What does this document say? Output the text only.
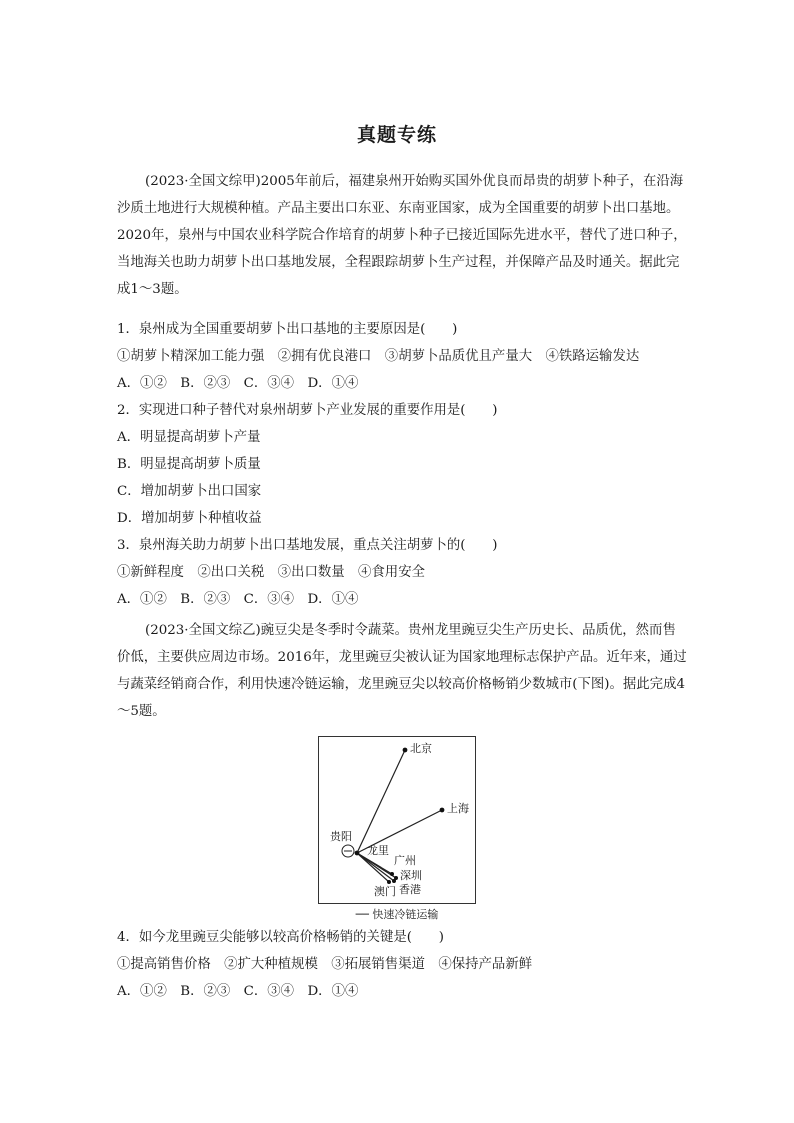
真题专练
(2023·全国文综甲)2005年前后，福建泉州开始购买国外优良而昂贵的胡萝卜种子，在沿海沙质土地进行大规模种植。产品主要出口东亚、东南亚国家，成为全国重要的胡萝卜出口基地。2020年，泉州与中国农业科学院合作培育的胡萝卜种子已接近国际先进水平，替代了进口种子，当地海关也助力胡萝卜出口基地发展，全程跟踪胡萝卜生产过程，并保障产品及时通关。据此完成1～3题。
1．泉州成为全国重要胡萝卜出口基地的主要原因是(　　)
①胡萝卜精深加工能力强　②拥有优良港口　③胡萝卜品质优且产量大　④铁路运输发达
A．①②　B．②③　C．③④　D．①④
2．实现进口种子替代对泉州胡萝卜产业发展的重要作用是(　　)
A．明显提高胡萝卜产量
B．明显提高胡萝卜质量
C．增加胡萝卜出口国家
D．增加胡萝卜种植收益
3．泉州海关助力胡萝卜出口基地发展，重点关注胡萝卜的(　　)
①新鲜程度　②出口关税　③出口数量　④食用安全
A．①②　B．②③　C．③④　D．①④
(2023·全国文综乙)豌豆尖是冬季时令蔬菜。贵州龙里豌豆尖生产历史长、品质优，然而售价低，主要供应周边市场。2016年，龙里豌豆尖被认证为国家地理标志保护产品。近年来，通过与蔬菜经销商合作，利用快速冷链运输，龙里豌豆尖以较高价格畅销少数城市(下图)。据此完成4～5题。
北京
上海
贵阳
龙里
广州
深圳
澳门 香港
── 快速冷链运输
4．如今龙里豌豆尖能够以较高价格畅销的关键是(　　)
①提高销售价格　②扩大种植规模　③拓展销售渠道　④保持产品新鲜
A．①②　B．②③　C．③④　D．①④
